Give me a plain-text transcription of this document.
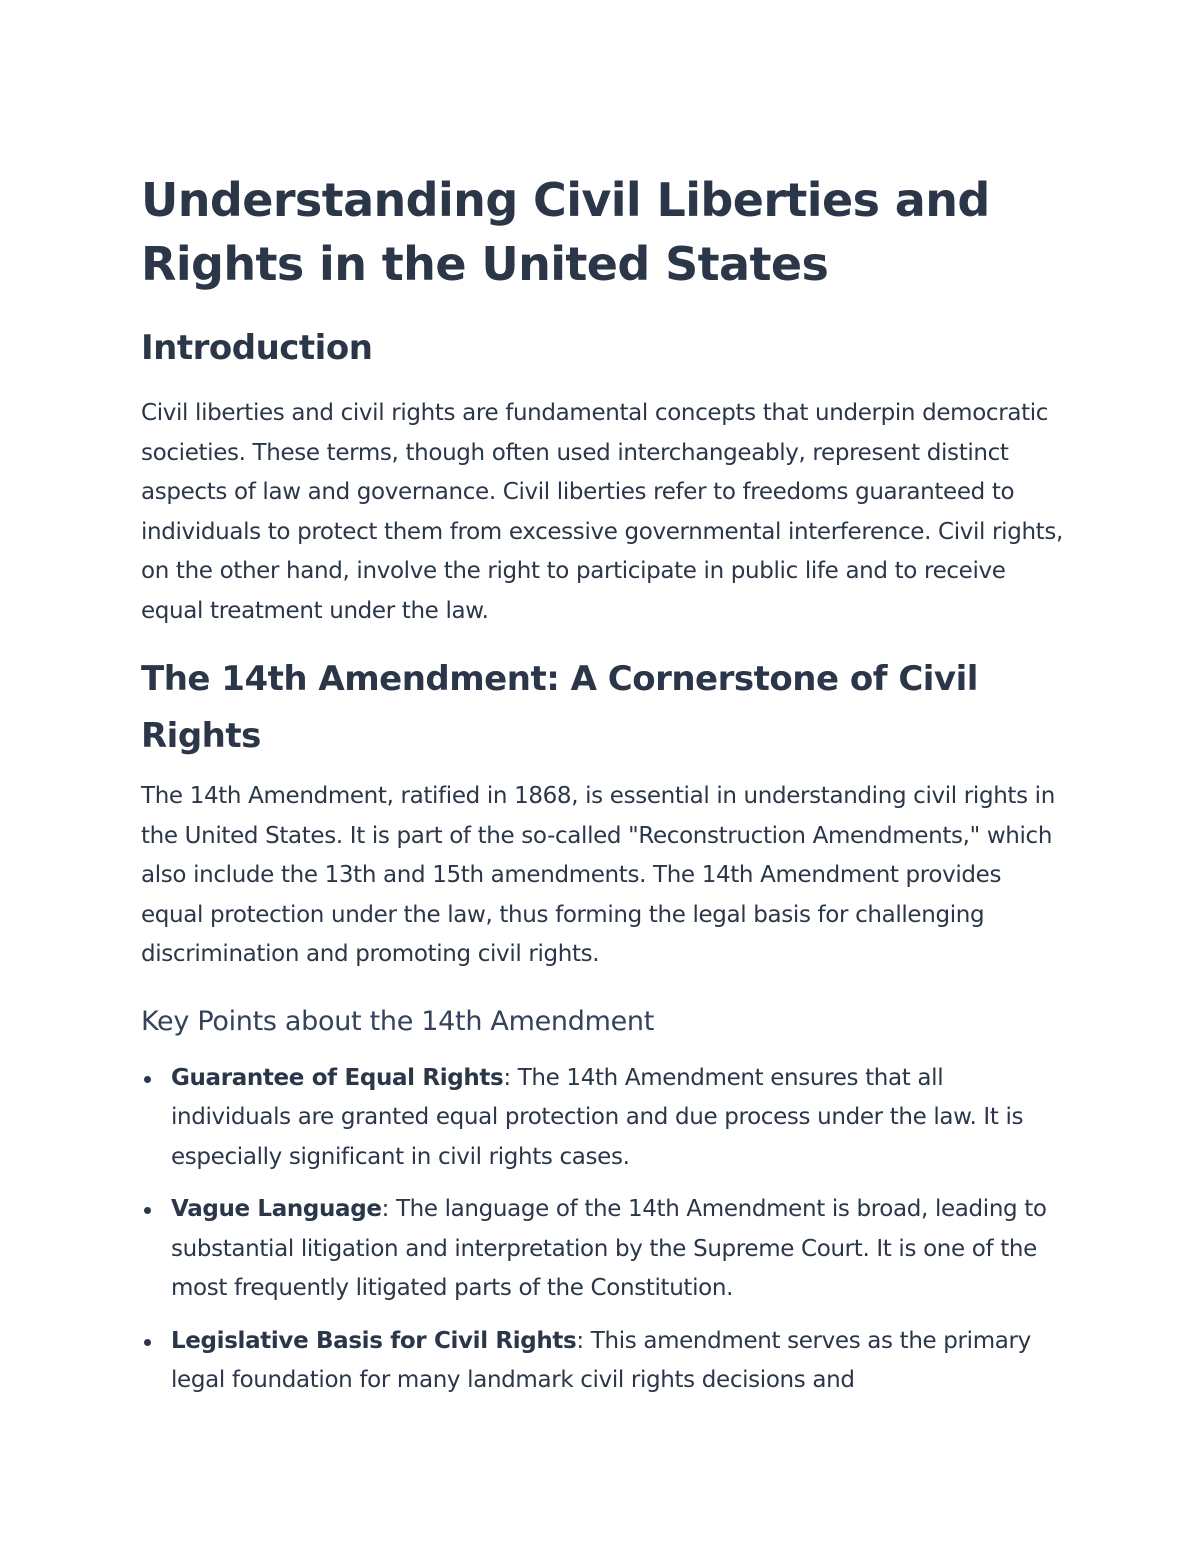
Understanding Civil Liberties and
Rights in the United States
Introduction

Civil liberties and civil rights are fundamental concepts that underpin democratic societies. These terms, though often used interchangeably, represent distinct aspects of law and governance. Civil liberties refer to freedoms guaranteed to individuals to protect them from excessive governmental interference. Civil rights, on the other hand, involve the right to participate in public life and to receive equal treatment under the law.

The 14th Amendment: A Cornerstone of Civil
Rights

The 14th Amendment, ratified in 1868, is essential in understanding civil rights in the United States. It is part of the so-called "Reconstruction Amendments," which also include the 13th and 15th amendments. The 14th Amendment provides equal protection under the law, thus forming the legal basis for challenging discrimination and promoting civil rights.

Key Points about the 14th Amendment
Guarantee of Equal Rights: The 14th Amendment ensures that all individuals are granted equal protection and due process under the law. It is especially significant in civil rights cases.
Vague Language: The language of the 14th Amendment is broad, leading to substantial litigation and interpretation by the Supreme Court. It is one of the most frequently litigated parts of the Constitution.
Legislative Basis for Civil Rights: This amendment serves as the primary legal foundation for many landmark civil rights decisions and
